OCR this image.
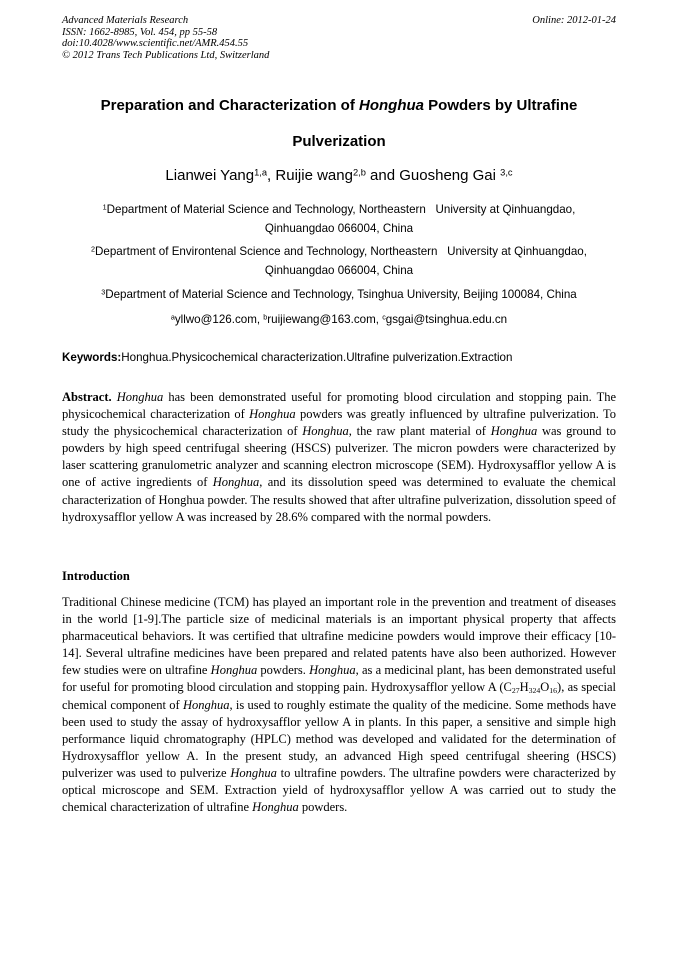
Advanced Materials Research
ISSN: 1662-8985, Vol. 454, pp 55-58
doi:10.4028/www.scientific.net/AMR.454.55
© 2012 Trans Tech Publications Ltd, Switzerland
Online: 2012-01-24
Preparation and Characterization of Honghua Powders by Ultrafine Pulverization
Lianwei Yang$^{1,a}$, Ruijie wang$^{2,b}$ and Guosheng Gai $^{3,c}$
$^1$Department of Material Science and Technology, Northeastern   University at Qinhuangdao,
Qinhuangdao 066004, China
$^2$Department of Environtenal Science and Technology, Northeastern   University at Qinhuangdao,
Qinhuangdao 066004, China
$^3$Department of Material Science and Technology, Tsinghua University, Beijing 100084, China
$^a$yllwo@126.com, $^b$ruijiewang@163.com, $^c$gsgai@tsinghua.edu.cn
Keywords:Honghua.Physicochemical characterization.Ultrafine pulverization.Extraction
Abstract. Honghua has been demonstrated useful for promoting blood circulation and stopping pain. The physicochemical characterization of Honghua powders was greatly influenced by ultrafine pulverization. To study the physicochemical characterization of Honghua, the raw plant material of Honghua was ground to powders by high speed centrifugal sheering (HSCS) pulverizer. The micron powders were characterized by laser scattering granulometric analyzer and scanning electron microscope (SEM). Hydroxysafflor yellow A is one of active ingredients of Honghua, and its dissolution speed was determined to evaluate the chemical characterization of Honghua powder. The results showed that after ultrafine pulverization, dissolution speed of hydroxysafflor yellow A was increased by 28.6% compared with the normal powders.
Introduction
Traditional Chinese medicine (TCM) has played an important role in the prevention and treatment of diseases in the world [1-9].The particle size of medicinal materials is an important physical property that affects pharmaceutical behaviors. It was certified that ultrafine medicine powders would improve their efficacy [10-14]. Several ultrafine medicines have been prepared and related patents have also been authorized. However few studies were on ultrafine Honghua powders. Honghua, as a medicinal plant, has been demonstrated useful for useful for promoting blood circulation and stopping pain. Hydroxysafflor yellow A $(C_{27}H_{324}O_{16})$, as special chemical component of Honghua, is used to roughly estimate the quality of the medicine. Some methods have been used to study the assay of hydroxysafflor yellow A in plants. In this paper, a sensitive and simple high performance liquid chromatography (HPLC) method was developed and validated for the determination of Hydroxysafflor yellow A. In the present study, an advanced High speed centrifugal sheering (HSCS) pulverizer was used to pulverize Honghua to ultrafine powders. The ultrafine powders were characterized by optical microscope and SEM. Extraction yield of hydroxysafflor yellow A was carried out to study the chemical characterization of ultrafine Honghua powders.
